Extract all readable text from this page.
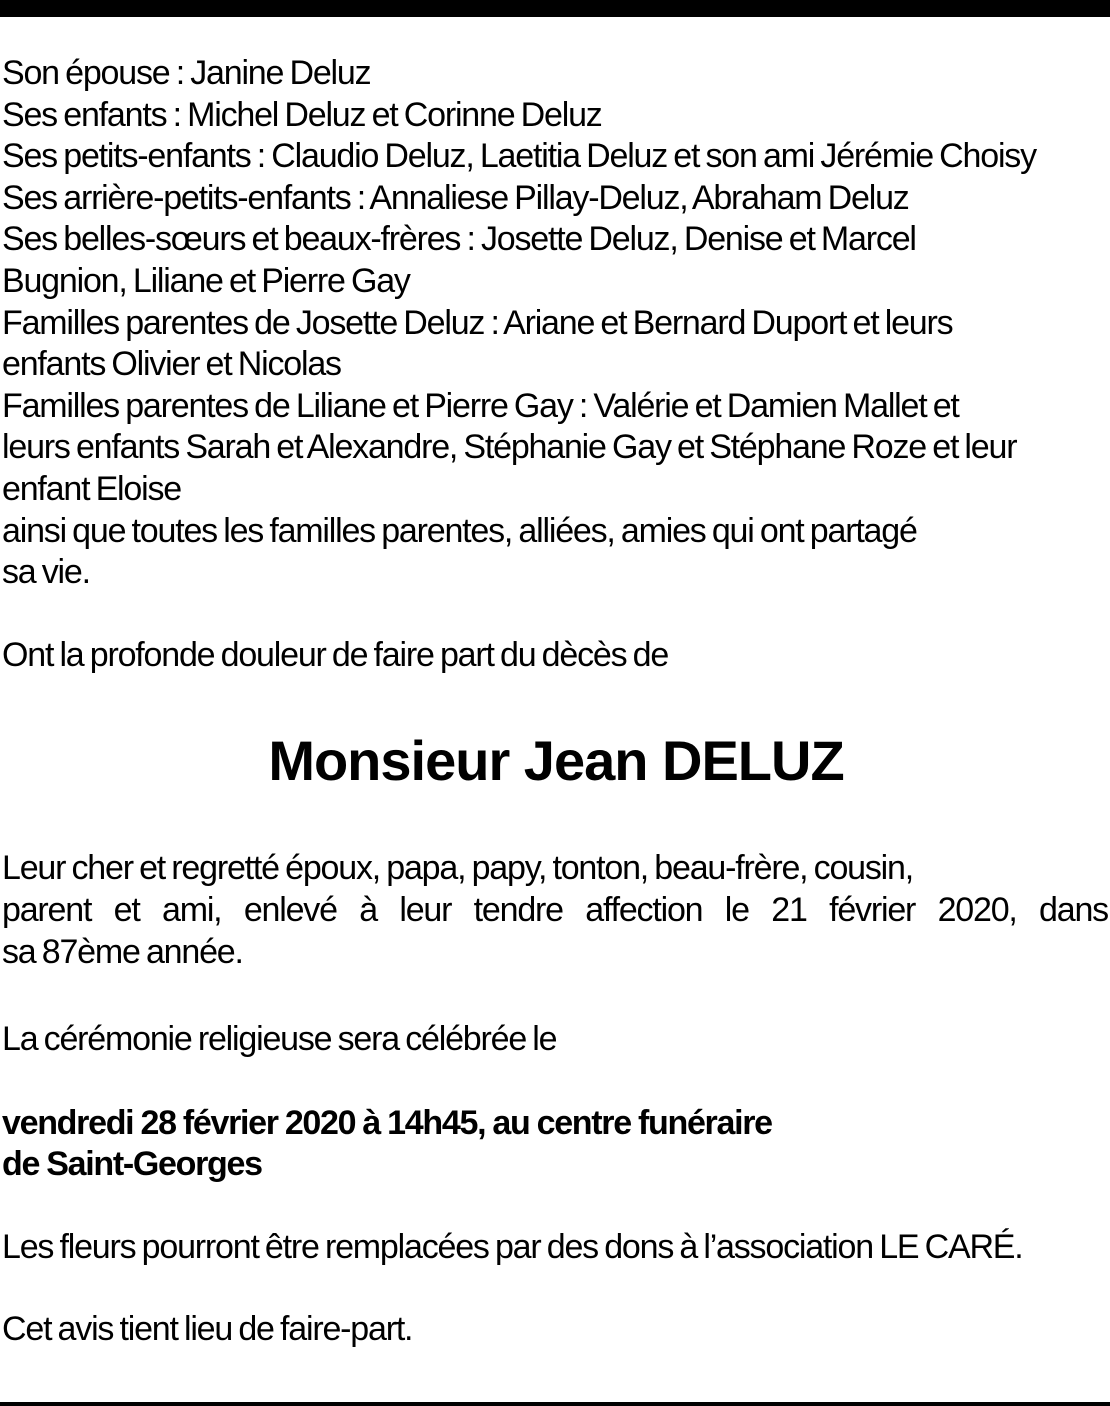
Son épouse : Janine Deluz
Ses enfants : Michel Deluz et Corinne Deluz
Ses petits-enfants : Claudio Deluz, Laetitia Deluz et son ami Jérémie Choisy
Ses arrière-petits-enfants : Annaliese Pillay-Deluz, Abraham Deluz
Ses belles-sœurs et beaux-frères : Josette Deluz, Denise et Marcel
Bugnion, Liliane et Pierre Gay
Familles parentes de Josette Deluz : Ariane et Bernard Duport et leurs
enfants Olivier et Nicolas
Familles parentes de Liliane et Pierre Gay : Valérie et Damien Mallet et
leurs enfants Sarah et Alexandre, Stéphanie Gay et Stéphane Roze et leur
enfant Eloise
ainsi que toutes les familles parentes, alliées, amies qui ont partagé
sa vie.
Ont la profonde douleur de faire part du dècès de
Monsieur Jean DELUZ
Leur cher et regretté époux, papa, papy, tonton, beau-frère, cousin,
parent et ami, enlevé à leur tendre affection le 21 février 2020, dans
sa 87ème année.
La cérémonie religieuse sera célébrée le
vendredi 28 février 2020 à 14h45, au centre funéraire
de Saint-Georges
Les fleurs pourront être remplacées par des dons à l’association LE CARÉ.
Cet avis tient lieu de faire-part.
